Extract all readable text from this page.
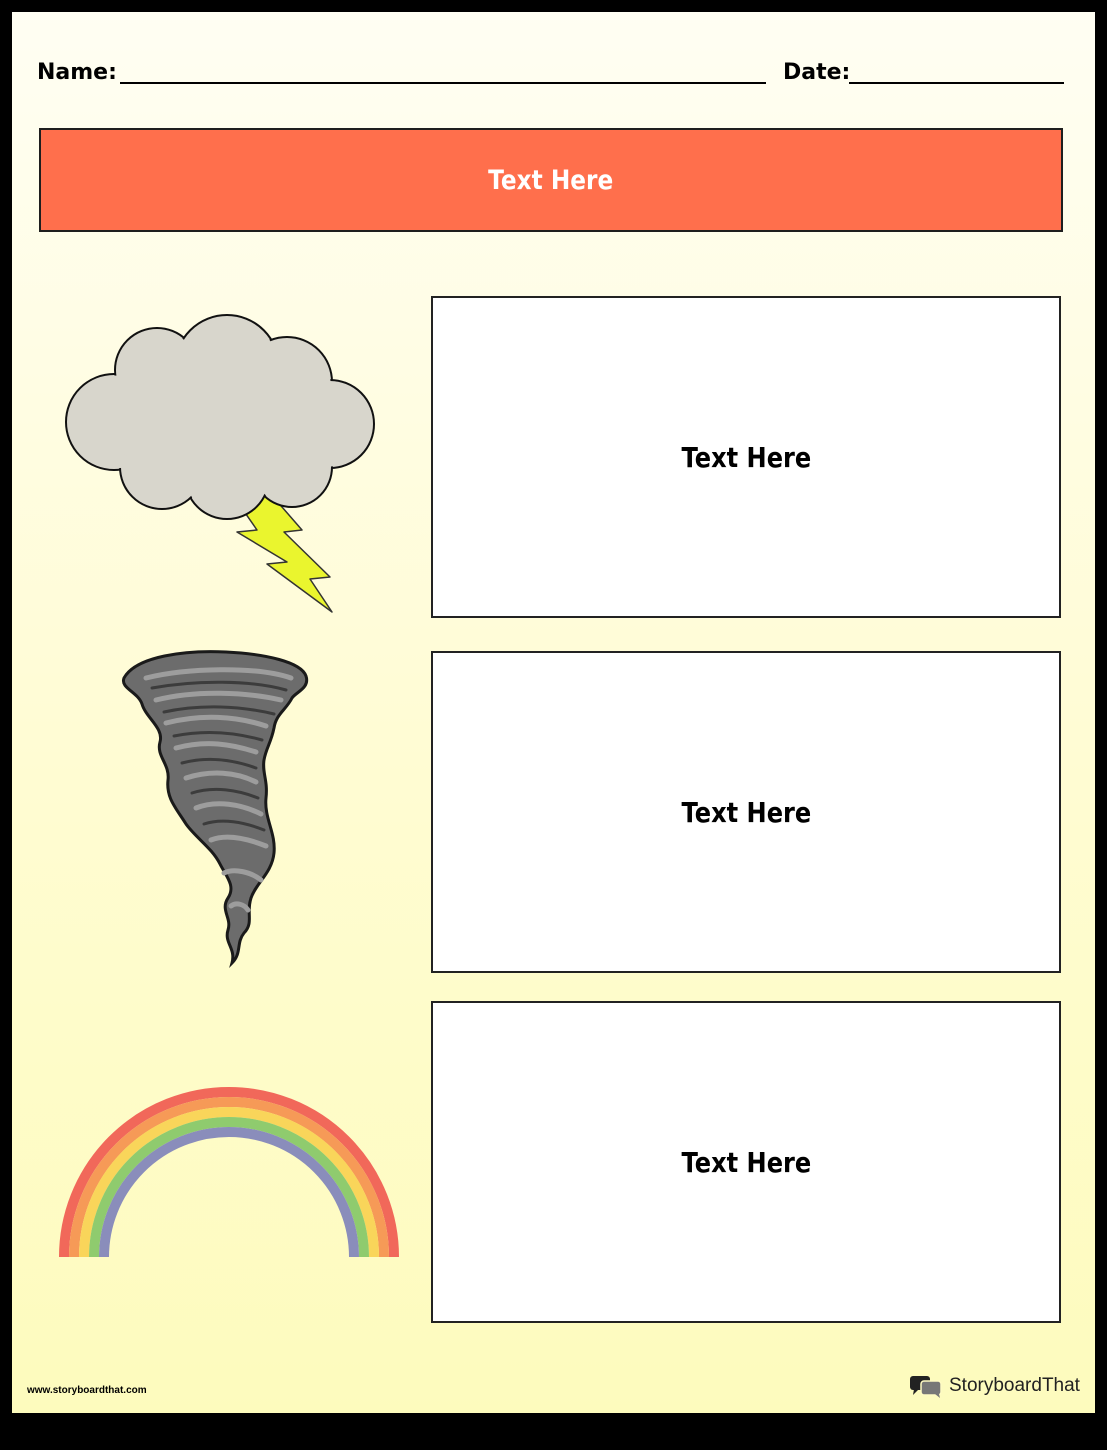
Name:	Date:
Text Here
Text Here
Text Here
Text Here
www.storyboardthat.com	StoryboardThat
